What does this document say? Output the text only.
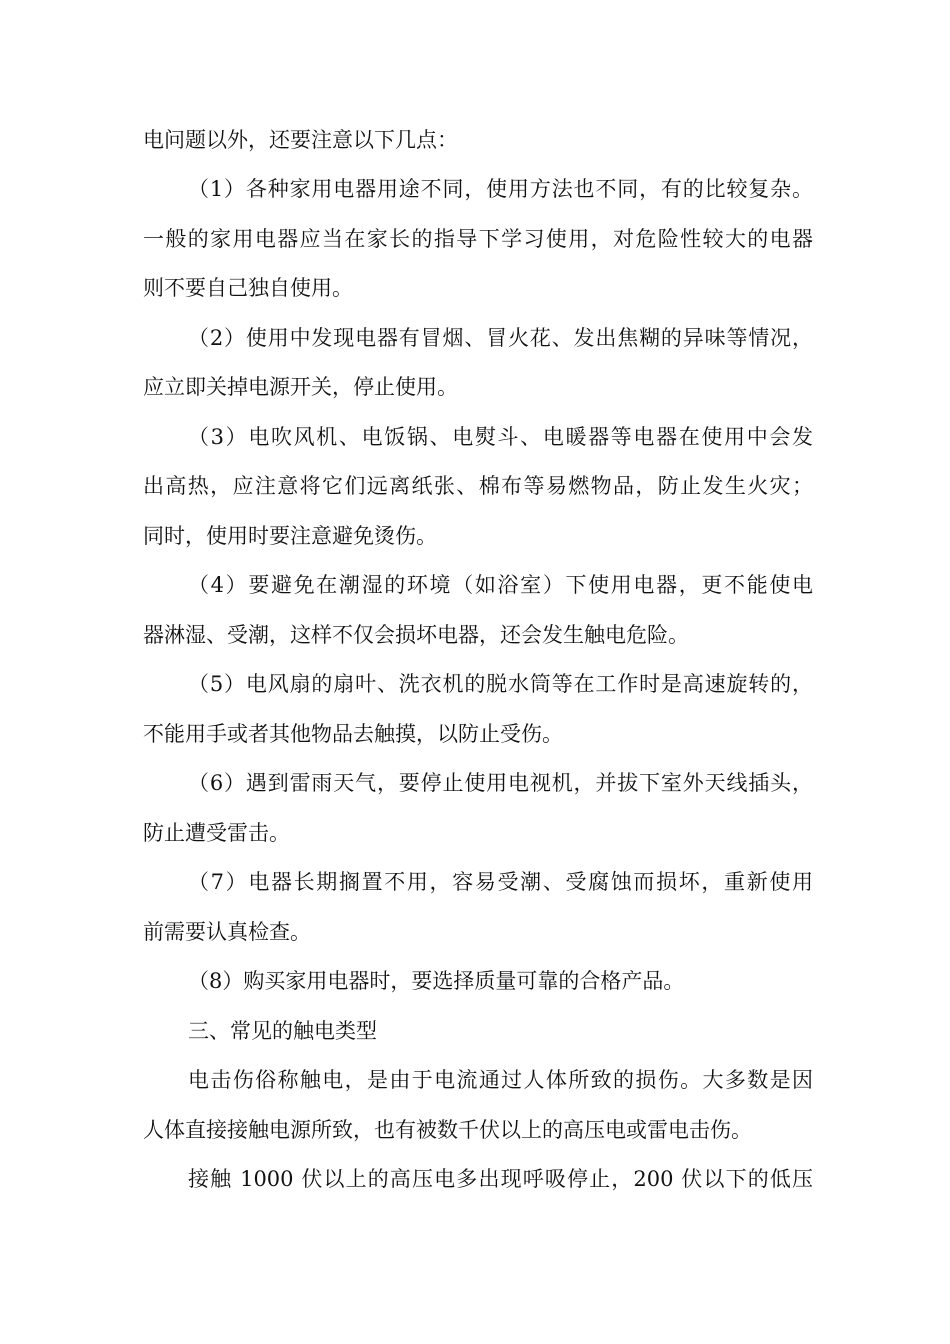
电问题以外，还要注意以下几点：

（1）各种家用电器用途不同，使用方法也不同，有的比较复杂。

一般的家用电器应当在家长的指导下学习使用，对危险性较大的电器

则不要自己独自使用。

（2）使用中发现电器有冒烟、冒火花、发出焦糊的异味等情况，

应立即关掉电源开关，停止使用。

（3）电吹风机、电饭锅、电熨斗、电暖器等电器在使用中会发

出高热，应注意将它们远离纸张、棉布等易燃物品，防止发生火灾；

同时，使用时要注意避免烫伤。

（4）要避免在潮湿的环境（如浴室）下使用电器，更不能使电

器淋湿、受潮，这样不仅会损坏电器，还会发生触电危险。

（5）电风扇的扇叶、洗衣机的脱水筒等在工作时是高速旋转的，

不能用手或者其他物品去触摸，以防止受伤。

（6）遇到雷雨天气，要停止使用电视机，并拔下室外天线插头，

防止遭受雷击。

（7）电器长期搁置不用，容易受潮、受腐蚀而损坏，重新使用

前需要认真检查。

（8）购买家用电器时，要选择质量可靠的合格产品。

三、常见的触电类型

电击伤俗称触电，是由于电流通过人体所致的损伤。大多数是因

人体直接接触电源所致，也有被数千伏以上的高压电或雷电击伤。

接触 1000 伏以上的高压电多出现呼吸停止，200 伏以下的低压
